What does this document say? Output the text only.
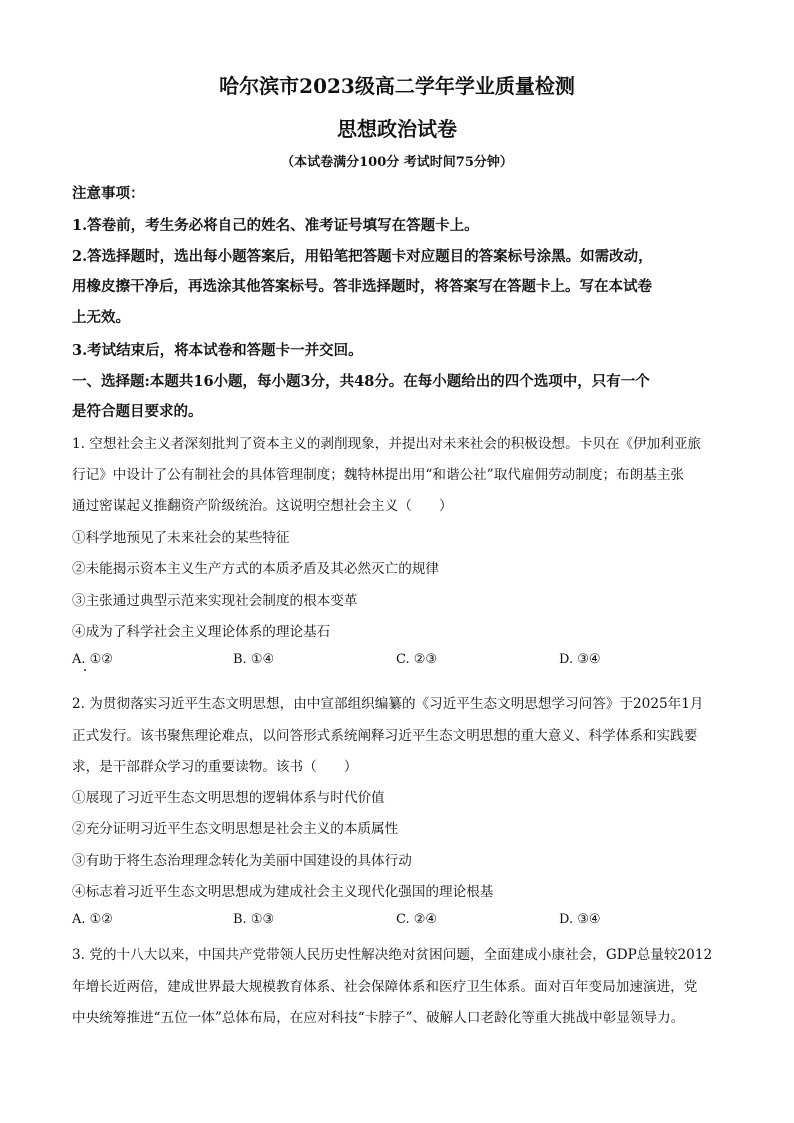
哈尔滨市2023级高二学年学业质量检测
思想政治试卷
（本试卷满分100分 考试时间75分钟）
注意事项：
1.答卷前，考生务必将自己的姓名、准考证号填写在答题卡上。
2.答选择题时，选出每小题答案后，用铅笔把答题卡对应题目的答案标号涂黑。如需改动，
用橡皮擦干净后，再选涂其他答案标号。答非选择题时，将答案写在答题卡上。写在本试卷
上无效。
3.考试结束后，将本试卷和答题卡一并交回。
一、选择题:本题共16小题，每小题3分，共48分。在每小题给出的四个选项中，只有一个
是符合题目要求的。
1. 空想社会主义者深刻批判了资本主义的剥削现象，并提出对未来社会的积极设想。卡贝在《伊加利亚旅
行记》中设计了公有制社会的具体管理制度；魏特林提出用“和谐公社”取代雇佣劳动制度；布朗基主张
通过密谋起义推翻资产阶级统治。这说明空想社会主义（　　）
①科学地预见了未来社会的某些特征
②未能揭示资本主义生产方式的本质矛盾及其必然灭亡的规律
③主张通过典型示范来实现社会制度的根本变革
④成为了科学社会主义理论体系的理论基石
A. ①②	B. ①④	C. ②③	D. ③④
2. 为贯彻落实习近平生态文明思想，由中宣部组织编纂的《习近平生态文明思想学习问答》于2025年1月
正式发行。该书聚焦理论难点，以问答形式系统阐释习近平生态文明思想的重大意义、科学体系和实践要
求，是干部群众学习的重要读物。该书（　　）
①展现了习近平生态文明思想的逻辑体系与时代价值
②充分证明习近平生态文明思想是社会主义的本质属性
③有助于将生态治理理念转化为美丽中国建设的具体行动
④标志着习近平生态文明思想成为建成社会主义现代化强国的理论根基
A. ①②	B. ①③	C. ②④	D. ③④
3. 党的十八大以来，中国共产党带领人民历史性解决绝对贫困问题，全面建成小康社会，GDP总量较2012
年增长近两倍，建成世界最大规模教育体系、社会保障体系和医疗卫生体系。面对百年变局加速演进，党
中央统筹推进“五位一体”总体布局，在应对科技“卡脖子”、破解人口老龄化等重大挑战中彰显领导力。
